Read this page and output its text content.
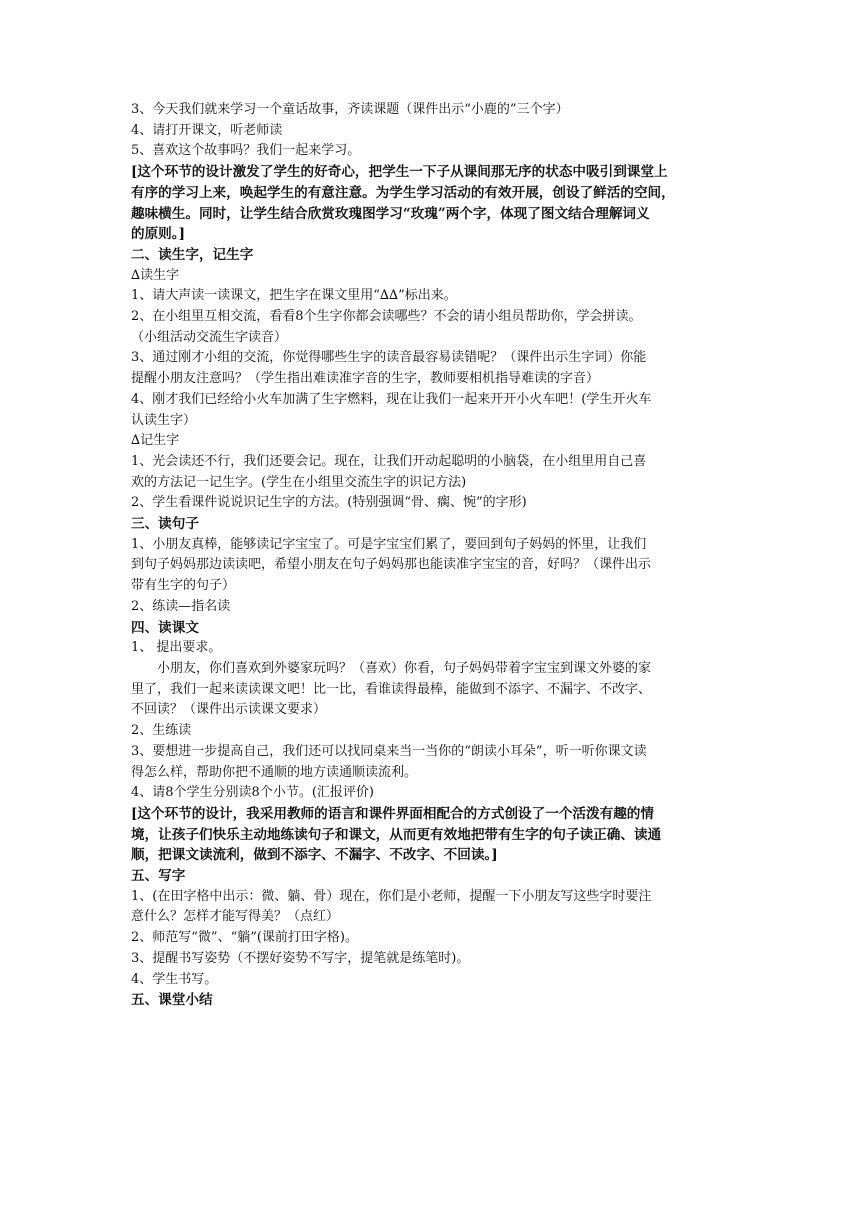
3、今天我们就来学习一个童话故事，齐读课题（课件出示“小鹿的”三个字）
4、请打开课文，听老师读
5、喜欢这个故事吗？我们一起来学习。
[这个环节的设计激发了学生的好奇心，把学生一下子从课间那无序的状态中吸引到课堂上
有序的学习上来，唤起学生的有意注意。为学生学习活动的有效开展，创设了鲜活的空间，
趣味横生。同时，让学生结合欣赏玫瑰图学习“玫瑰”两个字，体现了图文结合理解词义
的原则。]
二、读生字，记生字
∆读生字
1、请大声读一读课文，把生字在课文里用“∆∆”标出来。
2、在小组里互相交流，看看8个生字你都会读哪些？不会的请小组员帮助你，学会拼读。
（小组活动交流生字读音）
3、通过刚才小组的交流，你觉得哪些生字的读音最容易读错呢？（课件出示生字词）你能
提醒小朋友注意吗？（学生指出难读准字音的生字，教师要相机指导难读的字音）
4、刚才我们已经给小火车加满了生字燃料，现在让我们一起来开开小火车吧！(学生开火车
认读生字）
∆记生字
1、光会读还不行，我们还要会记。现在，让我们开动起聪明的小脑袋，在小组里用自己喜
欢的方法记一记生字。(学生在小组里交流生字的识记方法)
2、学生看课件说说识记生字的方法。(特别强调“骨、瘸、惋”的字形)
三、读句子
1、小朋友真棒，能够读记字宝宝了。可是字宝宝们累了，要回到句子妈妈的怀里，让我们
到句子妈妈那边读读吧，希望小朋友在句子妈妈那也能读准字宝宝的音，好吗？（课件出示
带有生字的句子）
2、练读—指名读
四、读课文
1、 提出要求。
小朋友，你们喜欢到外婆家玩吗？（喜欢）你看，句子妈妈带着字宝宝到课文外婆的家
里了，我们一起来读读课文吧！比一比，看谁读得最棒，能做到不添字、不漏字、不改字、
不回读？（课件出示读课文要求）
2、生练读
3、要想进一步提高自己，我们还可以找同桌来当一当你的“朗读小耳朵”，听一听你课文读
得怎么样，帮助你把不通顺的地方读通顺读流利。
4、请8个学生分别读8个小节。(汇报评价)
[这个环节的设计，我采用教师的语言和课件界面相配合的方式创设了一个活泼有趣的情
境，让孩子们快乐主动地练读句子和课文，从而更有效地把带有生字的句子读正确、读通
顺，把课文读流利，做到不添字、不漏字、不改字、不回读。]
五、写字
1、(在田字格中出示：微、躺、骨）现在，你们是小老师，提醒一下小朋友写这些字时要注
意什么？怎样才能写得美？（点红）
2、师范写“微”、“躺”(课前打田字格)。
3、提醒书写姿势（不摆好姿势不写字，提笔就是练笔时)。
4、学生书写。
五、课堂小结
